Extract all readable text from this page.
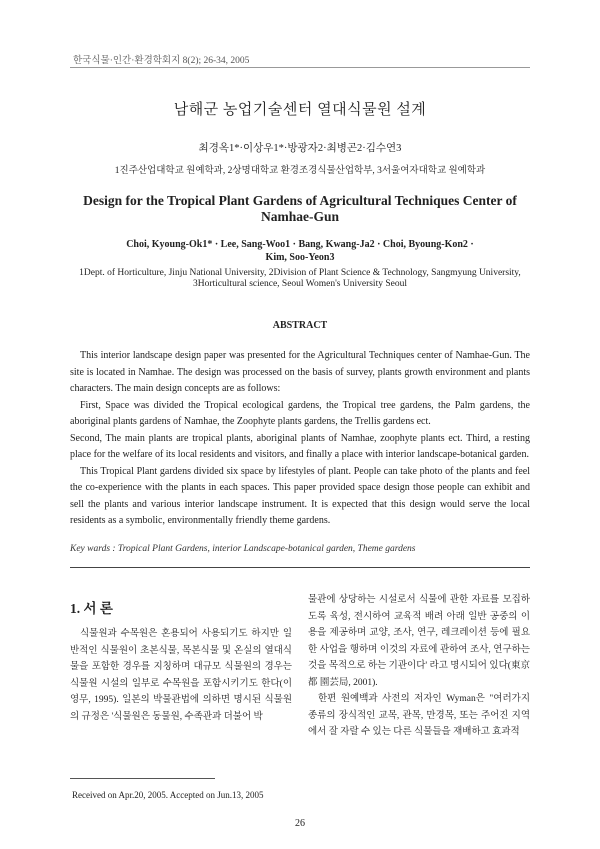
한국식물·인간·환경학회지 8(2); 26-34, 2005
남해군 농업기술센터 열대식물원 설계
최경옥1*·이상우1*·방광자2·최병곤2·김수연3
1진주산업대학교 원예학과, 2상명대학교 환경조경식물산업학부, 3서울여자대학교 원예학과
Design for the Tropical Plant Gardens of Agricultural Techniques Center of Namhae-Gun
Choi, Kyoung-Ok1* · Lee, Sang-Woo1 · Bang, Kwang-Ja2 · Choi, Byoung-Kon2 ·
Kim, Soo-Yeon3
1Dept. of Horticulture, Jinju National University, 2Division of Plant Science & Technology, Sangmyung University,
3Horticultural science, Seoul Women's University Seoul
ABSTRACT

This interior landscape design paper was presented for the Agricultural Techniques center of Namhae-Gun. The site is located in Namhae. The design was processed on the basis of survey, plants growth environment and plants characters. The main design concepts are as follows:

First, Space was divided the Tropical ecological gardens, the Tropical tree gardens, the Palm gardens, the aboriginal plants gardens of Namhae, the Zoophyte plants gardens, the Trellis gardens ect.

Second, The main plants are tropical plants, aboriginal plants of Namhae, zoophyte plants ect. Third, a resting place for the welfare of its local residents and visitors, and finally a place with interior landscape-botanical garden.

This Tropical Plant gardens divided six space by lifestyles of plant. People can take photo of the plants and feel the co-experience with the plants in each spaces. This paper provided space design those people can exhibit and sell the plants and various interior landscape instrument. It is expected that this design would serve the local residents as a symbolic, environmentally friendly theme gardens.

Key wards : Tropical Plant Gardens, interior Landscape-botanical garden, Theme gardens
1. 서 론

식물원과 수목원은 혼용되어 사용되기도 하지만 일반적인 식물원이 초본식물, 목본식물 및 온실의 열대식물을 포함한 경우를 지칭하며 대규모 식물원의 경우는 식물원 시설의 일부로 수목원을 포함시키기도 한다(이영무, 1995). 일본의 박물관법에 의하면 명시된 식물원의 규정은 '식물원은 동물원, 수족관과 더불어 박

물관에 상당하는 시설로서 식물에 관한 자료를 모집하도록 육성, 전시하여 교육적 배려 아래 일반 공중의 이용을 제공하며 교양, 조사, 연구, 레크레이션 등에 필요한 사업을 행하며 이것의 자료에 관하여 조사, 연구하는 것을 목적으로 하는 기관이다' 라고 명시되어 있다(東京都 園芸局, 2001).

한편 원예백과 사전의 저자인 Wyman은 "여러가지 종류의 장식적인 교목, 관목, 만경목, 또는 주어진 지역에서 잘 자랄 수 있는 다른 식물들을 재배하고 효과적

Received on Apr.20, 2005. Accepted on Jun.13, 2005
26
